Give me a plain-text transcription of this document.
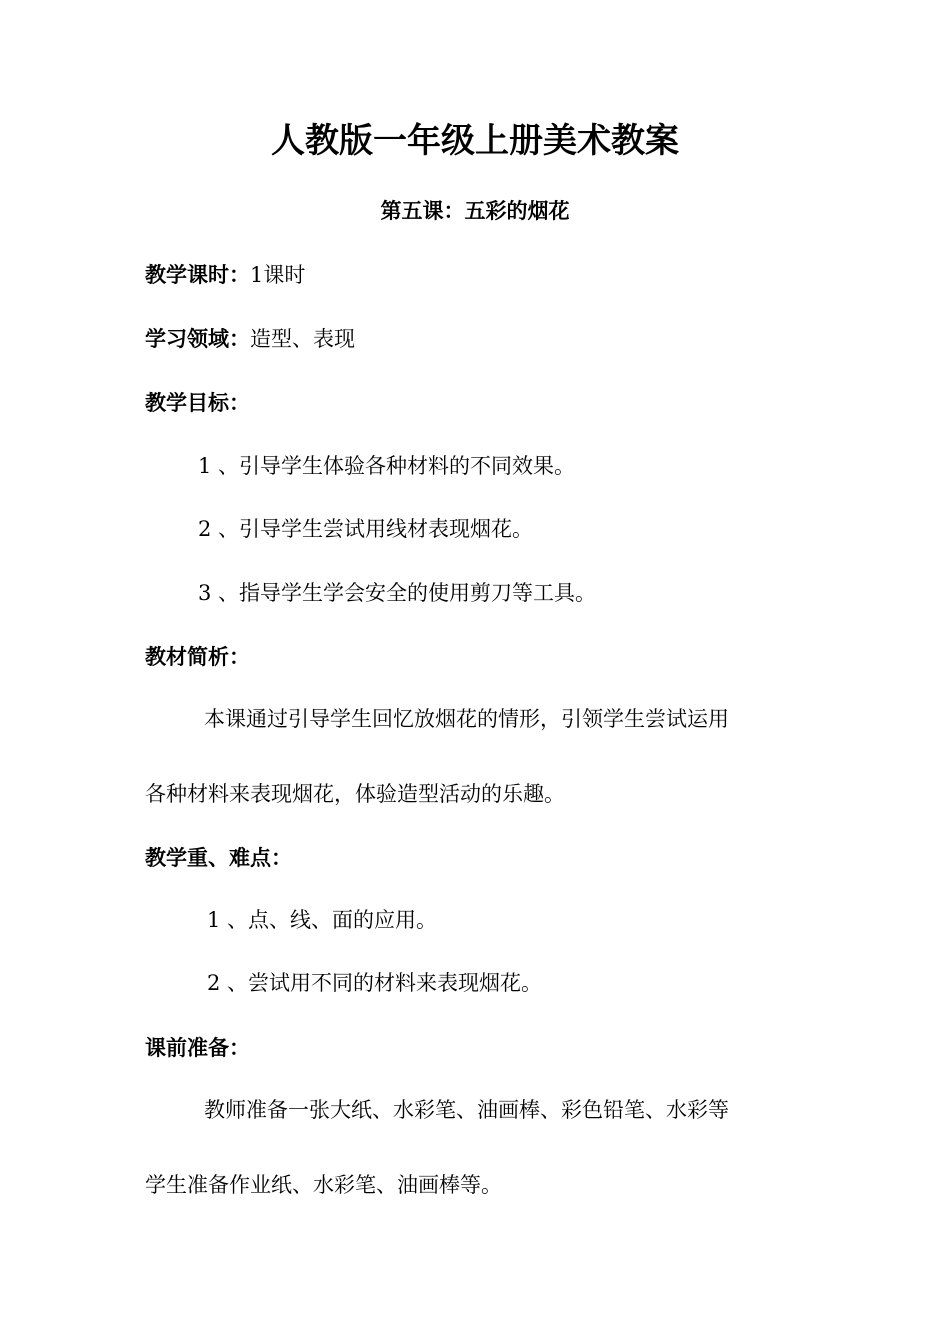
人教版一年级上册美术教案
第五课：五彩的烟花
教学课时：1课时
学习领域：造型、表现
教学目标：
1 、引导学生体验各种材料的不同效果。
2 、引导学生尝试用线材表现烟花。
3 、指导学生学会安全的使用剪刀等工具。
教材简析：
本课通过引导学生回忆放烟花的情形，引领学生尝试运用
各种材料来表现烟花，体验造型活动的乐趣。
教学重、难点：
1 、点、线、面的应用。
2 、尝试用不同的材料来表现烟花。
课前准备：
教师准备一张大纸、水彩笔、油画棒、彩色铅笔、水彩等
学生准备作业纸、水彩笔、油画棒等。
